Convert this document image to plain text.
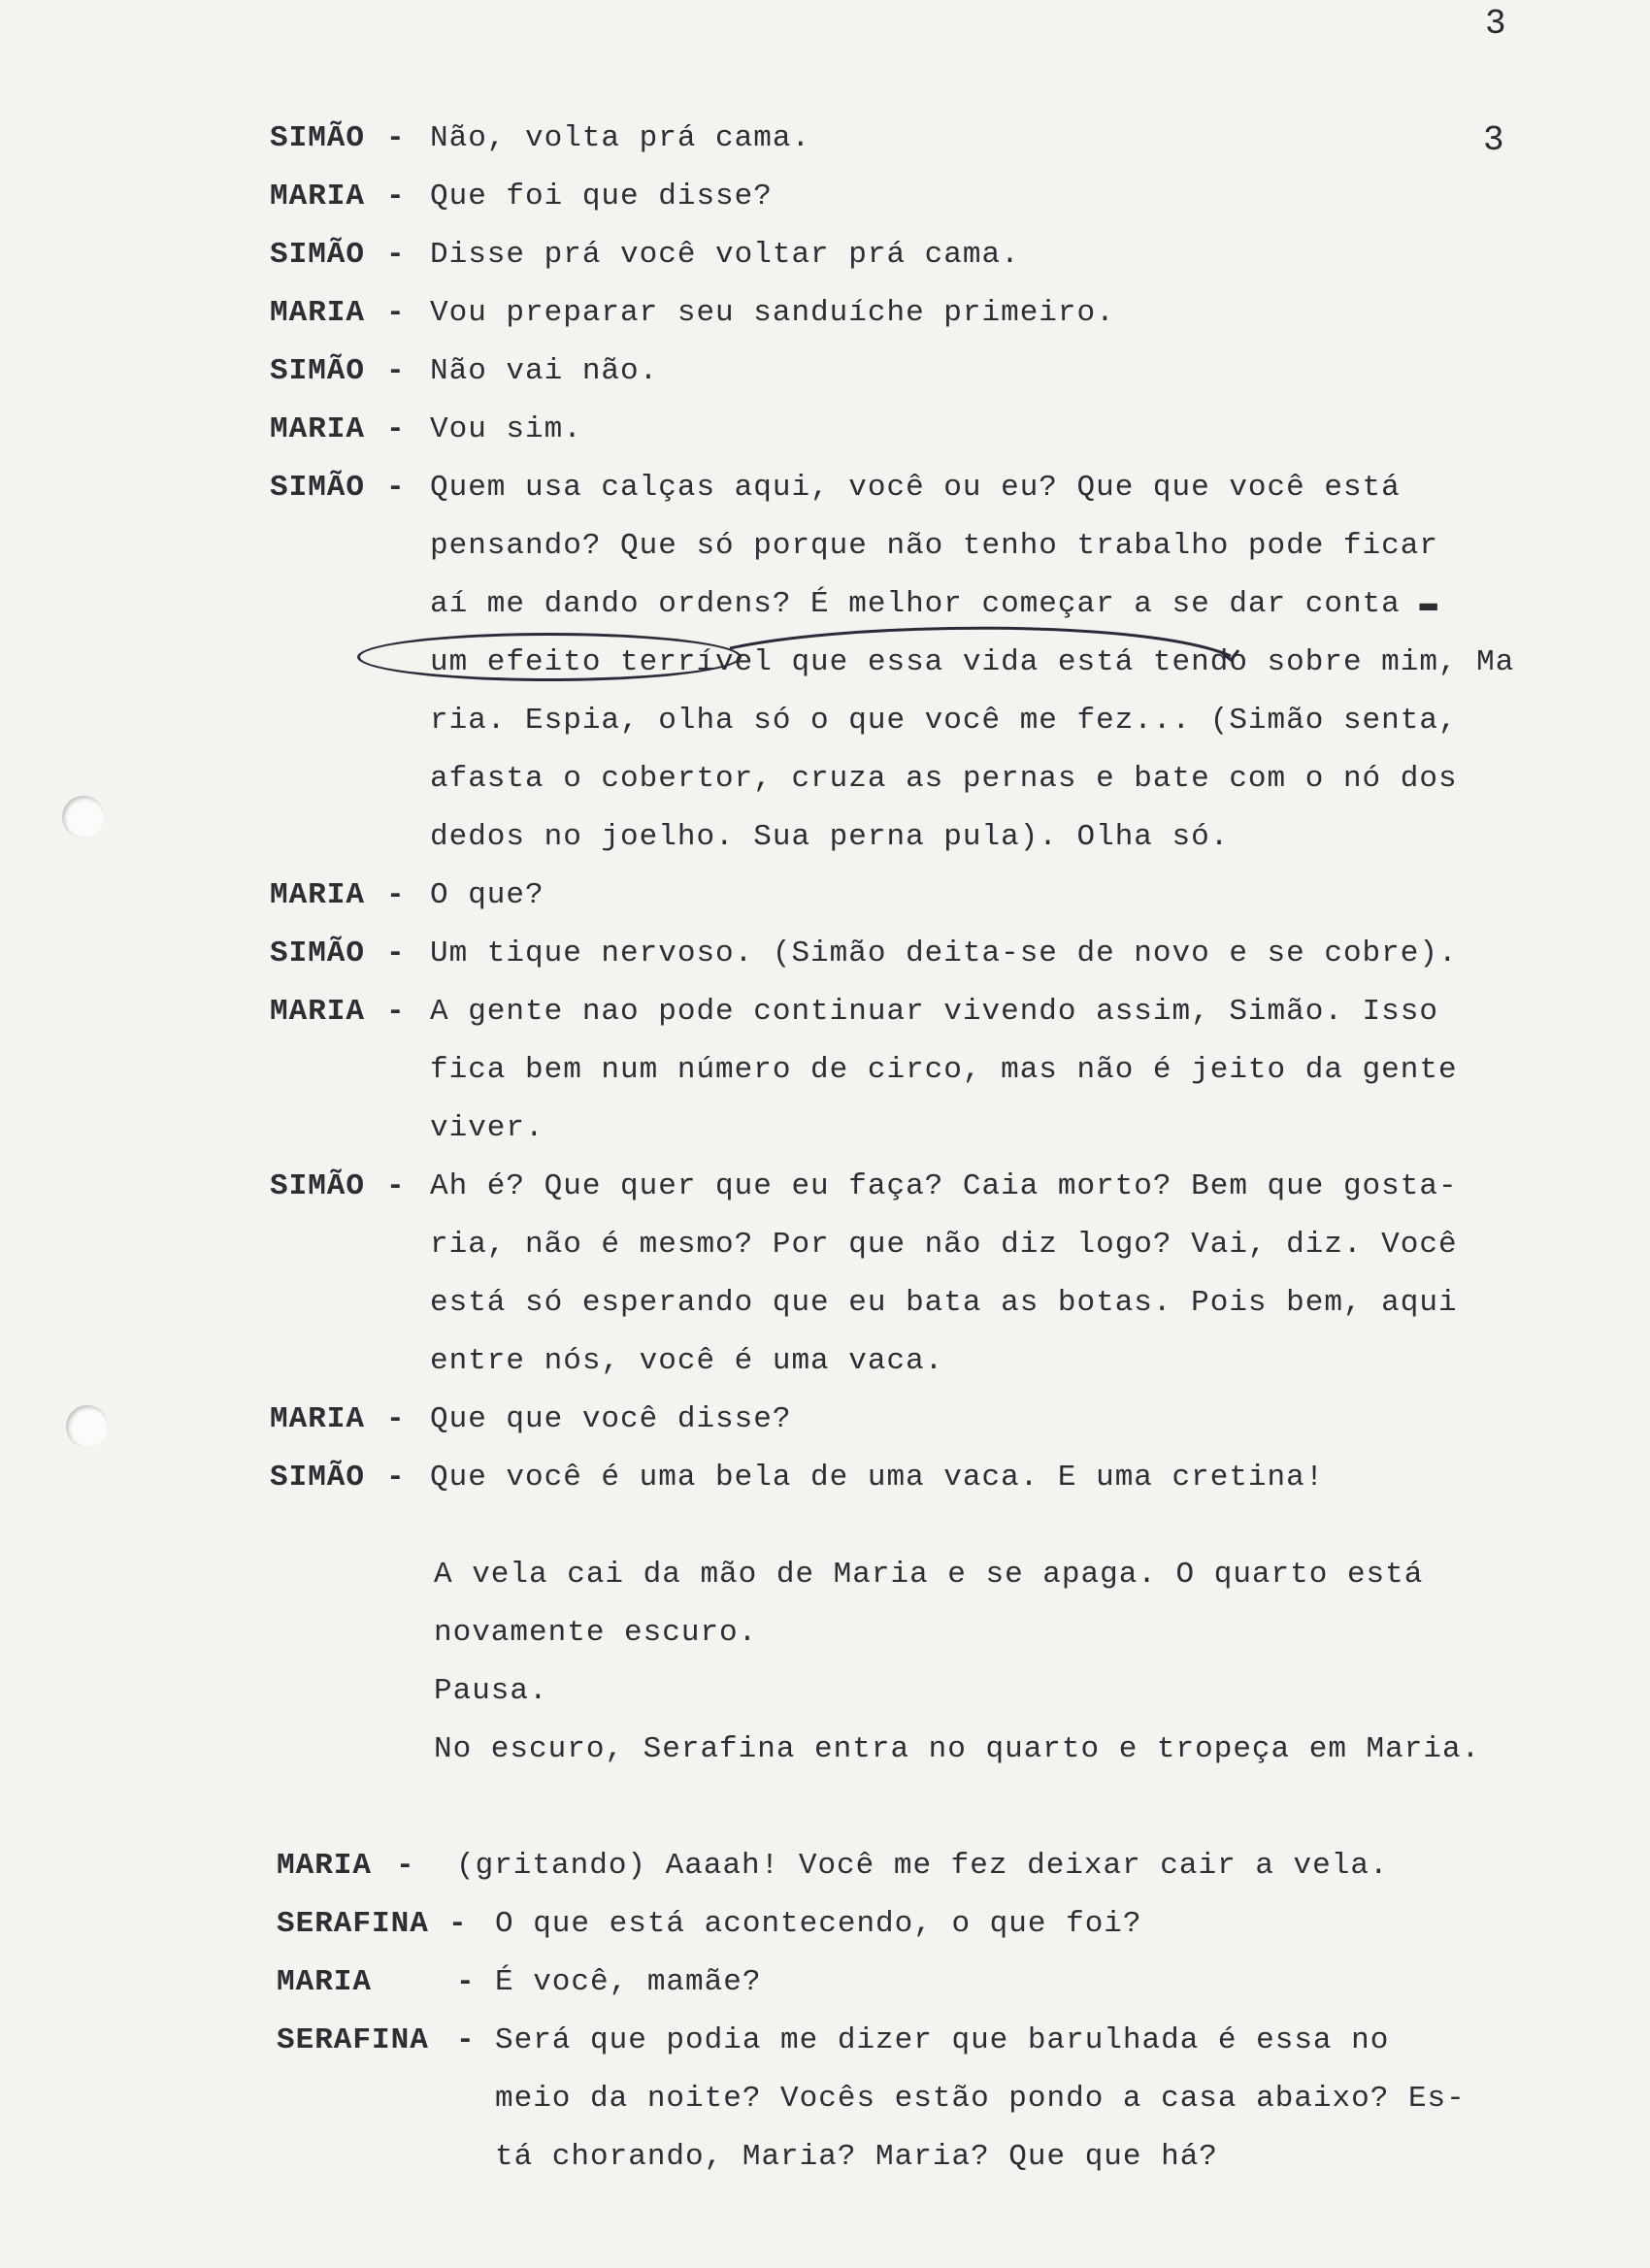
3
3
SIMÃO - Não, volta prá cama.
MARIA - Que foi que disse?
SIMÃO - Disse prá você voltar prá cama.
MARIA - Vou preparar seu sanduíche primeiro.
SIMÃO - Não vai não.
MARIA - Vou sim.
SIMÃO - Quem usa calças aqui, você ou eu? Que que você está
pensando? Que só porque não tenho trabalho pode ficar
aí me dando ordens? É melhor começar a se dar conta ▬
um efeito terrível que essa vida está tendo sobre mim, Ma
ria. Espia, olha só o que você me fez... (Simão senta,
afasta o cobertor, cruza as pernas e bate com o nó dos
dedos no joelho. Sua perna pula). Olha só.
MARIA - O que?
SIMÃO - Um tique nervoso. (Simão deita-se de novo e se cobre).
MARIA - A gente nao pode continuar vivendo assim, Simão. Isso
fica bem num número de circo, mas não é jeito da gente
viver.
SIMÃO - Ah é? Que quer que eu faça? Caia morto? Bem que gosta-
ria, não é mesmo? Por que não diz logo? Vai, diz. Você
está só esperando que eu bata as botas. Pois bem, aqui
entre nós, você é uma vaca.
MARIA - Que que você disse?
SIMÃO - Que você é uma bela de uma vaca. E uma cretina!
A vela cai da mão de Maria e se apaga. O quarto está
novamente escuro.
Pausa.
No escuro, Serafina entra no quarto e tropeça em Maria.
MARIA - (gritando) Aaaah! Você me fez deixar cair a vela.
SERAFINA - O que está acontecendo, o que foi?
MARIA	- É você, mamãe?
SERAFINA - Será que podia me dizer que barulhada é essa no
meio da noite? Vocês estão pondo a casa abaixo? Es-
tá chorando, Maria? Maria? Que que há?
